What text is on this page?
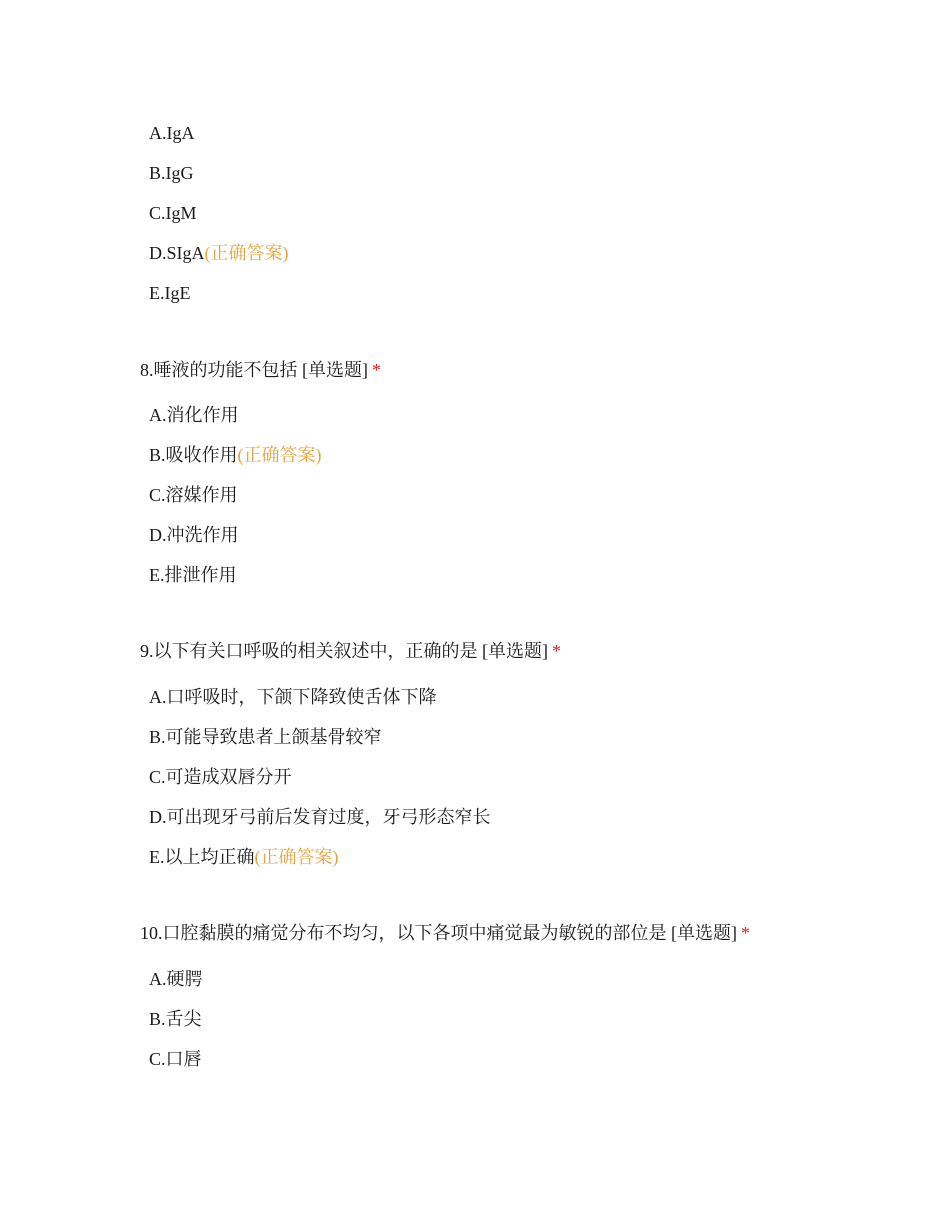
A.IgA
B.IgG
C.IgM
D.SIgA(正确答案)
E.IgE
8.唾液的功能不包括 [单选题] *
A.消化作用
B.吸收作用(正确答案)
C.溶媒作用
D.冲洗作用
E.排泄作用
9.以下有关口呼吸的相关叙述中，正确的是 [单选题] *
A.口呼吸时，下颌下降致使舌体下降
B.可能导致患者上颌基骨较窄
C.可造成双唇分开
D.可出现牙弓前后发育过度，牙弓形态窄长
E.以上均正确(正确答案)
10.口腔黏膜的痛觉分布不均匀，以下各项中痛觉最为敏锐的部位是 [单选题] *
A.硬腭
B.舌尖
C.口唇
